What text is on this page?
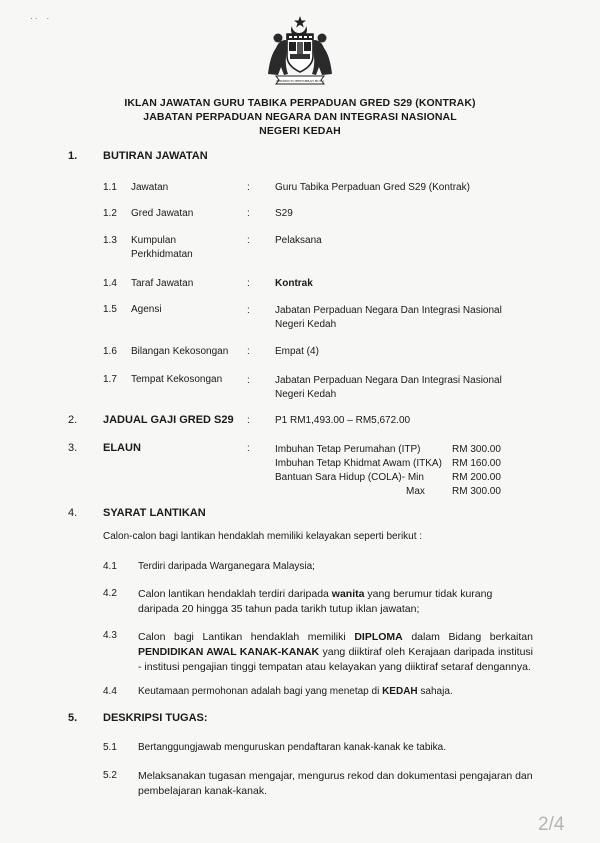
· ·    ·
BERSEKUTU BERTAMBAH MUTU
IKLAN JAWATAN GURU TABIKA PERPADUAN GRED S29 (KONTRAK)
JABATAN PERPADUAN NEGARA DAN INTEGRASI NASIONAL
NEGERI KEDAH
1. BUTIRAN JAWATAN
1.1 Jawatan	:	Guru Tabika Perpaduan Gred S29 (Kontrak)
1.2 Gred Jawatan	:	S29
1.3 Kumpulan
Perkhidmatan
:	Pelaksana
1.4 Taraf Jawatan	:	Kontrak
1.5 Agensi	:	Jabatan Perpaduan Negara Dan Integrasi Nasional
Negeri Kedah
1.6 Bilangan Kekosongan :	Empat (4)
1.7 Tempat Kekosongan :	Jabatan Perpaduan Negara Dan Integrasi Nasional
Negeri Kedah
2. JADUAL GAJI GRED S29 :	P1 RM1,493.00 – RM5,672.00
3. ELAUN	:	Imbuhan Tetap Perumahan (ITP)	RM 300.00
Imbuhan Tetap Khidmat Awam (ITKA) RM 160.00
Bantuan Sara Hidup (COLA)- Min	RM 200.00
Max	RM 300.00
4. SYARAT LANTIKAN
Calon-calon bagi lantikan hendaklah memiliki kelayakan seperti berikut :
4.1 Terdiri daripada Warganegara Malaysia;
4.2 Calon lantikan hendaklah terdiri daripada wanita yang berumur tidak kurang daripada 20 hingga 35 tahun pada tarikh tutup iklan jawatan;
4.3 Calon bagi Lantikan hendaklah memiliki DIPLOMA dalam Bidang berkaitan PENDIDIKAN AWAL KANAK-KANAK yang diiktiraf oleh Kerajaan daripada institusi - institusi pengajian tinggi tempatan atau kelayakan yang diiktiraf setaraf dengannya.
4.4 Keutamaan permohonan adalah bagi yang menetap di KEDAH sahaja.
5. DESKRIPSI TUGAS:
5.1 Bertanggungjawab menguruskan pendaftaran kanak-kanak ke tabika.
5.2 Melaksanakan tugasan mengajar, mengurus rekod dan dokumentasi pengajaran dan pembelajaran kanak-kanak.
2/4
